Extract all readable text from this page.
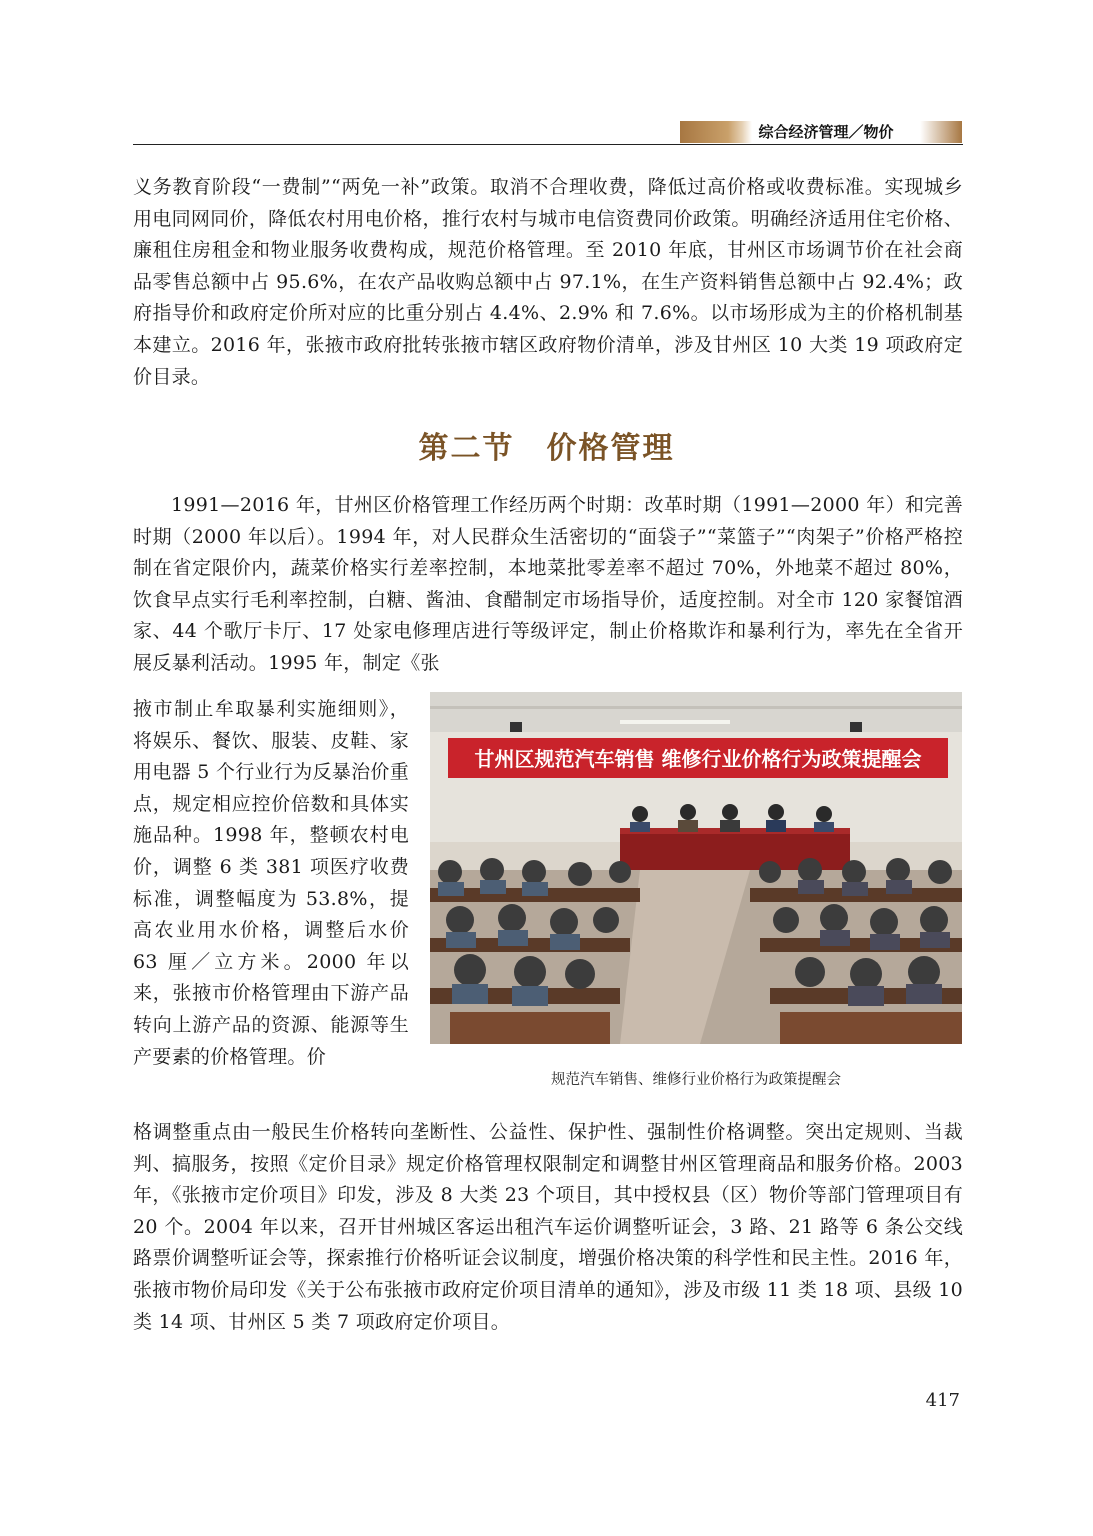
综合经济管理／物价

义务教育阶段“一费制”“两免一补”政策。取消不合理收费，降低过高价格或收费标准。实现城乡用电同网同价，降低农村用电价格，推行农村与城市电信资费同价政策。明确经济适用住宅价格、廉租住房租金和物业服务收费构成，规范价格管理。至 2010 年底，甘州区市场调节价在社会商品零售总额中占 95.6%，在农产品收购总额中占 97.1%，在生产资料销售总额中占 92.4%；政府指导价和政府定价所对应的比重分别占 4.4%、2.9% 和 7.6%。以市场形成为主的价格机制基本建立。2016 年，张掖市政府批转张掖市辖区政府物价清单，涉及甘州区 10 大类 19 项政府定价目录。

第二节　价格管理

1991—2016 年，甘州区价格管理工作经历两个时期：改革时期（1991—2000 年）和完善时期（2000 年以后）。1994 年，对人民群众生活密切的“面袋子”“菜篮子”“肉架子”价格严格控制在省定限价内，蔬菜价格实行差率控制，本地菜批零差率不超过 70%，外地菜不超过 80%，饮食早点实行毛利率控制，白糖、酱油、食醋制定市场指导价，适度控制。对全市 120 家餐馆酒家、44 个歌厅卡厅、17 处家电修理店进行等级评定，制止价格欺诈和暴利行为，率先在全省开展反暴利活动。1995 年，制定《张

掖市制止牟取暴利实施细则》，将娱乐、餐饮、服装、皮鞋、家用电器 5 个行业行为反暴治价重点，规定相应控价倍数和具体实施品种。1998 年，整顿农村电价，调整 6 类 381 项医疗收费标准，调整幅度为 53.8%，提高农业用水价格，调整后水价 63 厘／立方米。2000 年以来，张掖市价格管理由下游产品转向上游产品的资源、能源等生产要素的价格管理。价

甘州区规范汽车销售 维修行业价格行为政策提醒会
规范汽车销售、维修行业价格行为政策提醒会

格调整重点由一般民生价格转向垄断性、公益性、保护性、强制性价格调整。突出定规则、当裁判、搞服务，按照《定价目录》规定价格管理权限制定和调整甘州区管理商品和服务价格。2003 年，《张掖市定价项目》印发，涉及 8 大类 23 个项目，其中授权县（区）物价等部门管理项目有 20 个。2004 年以来，召开甘州城区客运出租汽车运价调整听证会，3 路、21 路等 6 条公交线路票价调整听证会等，探索推行价格听证会议制度，增强价格决策的科学性和民主性。2016 年，张掖市物价局印发《关于公布张掖市政府定价项目清单的通知》，涉及市级 11 类 18 项、县级 10 类 14 项、甘州区 5 类 7 项政府定价项目。

417
